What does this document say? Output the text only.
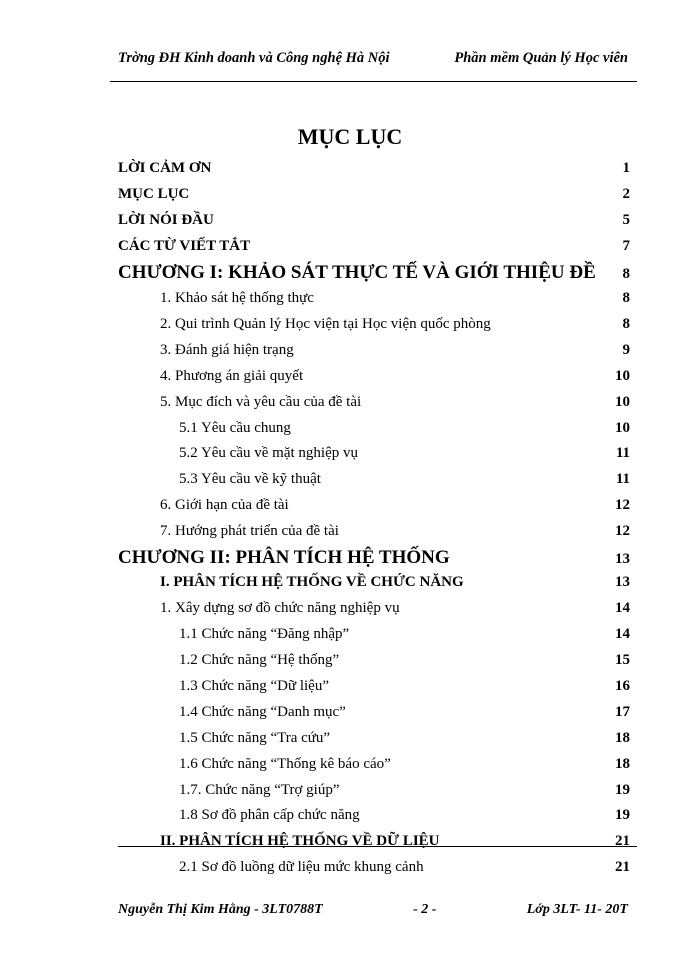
Trờng ĐH Kinh doanh và Công nghệ Hà Nội	Phần mềm Quản lý Học viên
MỤC LỤC
LỜI CẢM ƠN	1
MỤC LỤC	2
LỜI NÓI ĐẦU	5
CÁC TỪ VIẾT TẮT	7
CHƯƠNG I: KHẢO SÁT THỰC TẾ VÀ GIỚI THIỆU ĐỀ 8
1. Khảo sát hệ thống thực	8
2. Qui trình Quản lý Học viện tại Học viện quốc phòng	8
3. Đánh giá hiện trạng	9
4. Phương án giải quyết	10
5. Mục đích và yêu cầu của đề tài	10
5.1 Yêu cầu chung	10
5.2 Yêu cầu về mặt nghiệp vụ	11
5.3 Yêu cầu về kỹ thuật	11
6. Giới hạn của đề tài	12
7. Hướng phát triển của đề tài	12
CHƯƠNG II: PHÂN TÍCH HỆ THỐNG	13
I. PHÂN TÍCH HỆ THỐNG VỀ CHỨC NĂNG	13
1. Xây dựng sơ đồ chức năng nghiệp vụ	14
1.1 Chức năng “Đăng nhập”	14
1.2 Chức năng “Hệ thống”	15
1.3 Chức năng “Dữ liệu”	16
1.4 Chức năng “Danh mục”	17
1.5 Chức năng “Tra cứu”	18
1.6 Chức năng “Thống kê báo cáo”	18
1.7. Chức năng “Trợ giúp”	19
1.8 Sơ đồ phân cấp chức năng	19
II. PHÂN TÍCH HỆ THỐNG VỀ DỮ LIỆU	21
2.1 Sơ đồ luồng dữ liệu mức khung cảnh	21
Nguyễn Thị Kim Hằng - 3LT0788T	- 2 -	Lớp 3LT- 11- 20T
